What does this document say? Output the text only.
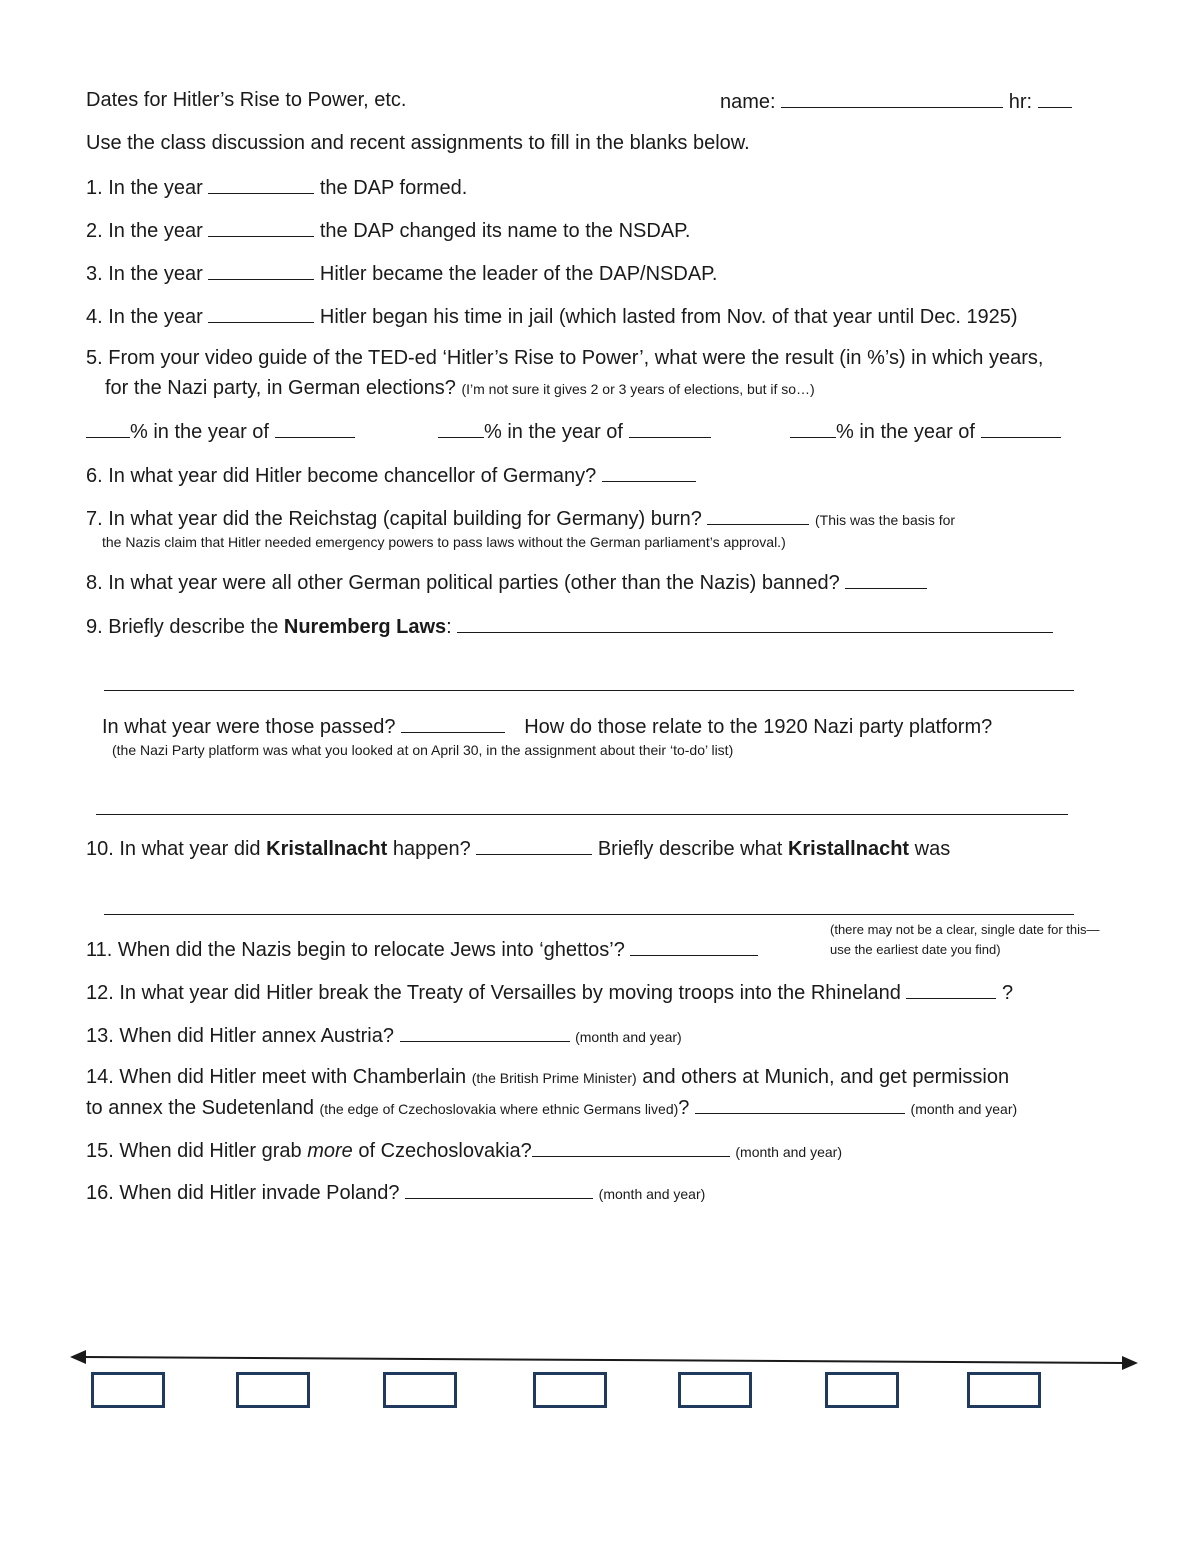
Dates for Hitler’s Rise to Power, etc.	name:	hr:
Use the class discussion and recent assignments to fill in the blanks below.
1. In the year	the DAP formed.
2. In the year	the DAP changed its name to the NSDAP.
3. In the year	Hitler became the leader of the DAP/NSDAP.
4. In the year	Hitler began his time in jail (which lasted from Nov. of that year until Dec. 1925)
5. From your video guide of the TED-ed ‘Hitler’s Rise to Power’, what were the result (in %’s) in which years,
for the Nazi party, in German elections? (I’m not sure it gives 2 or 3 years of elections, but if so…)
% in the year of	% in the year of	% in the year of
6. In what year did Hitler become chancellor of Germany?
7. In what year did the Reichstag (capital building for Germany) burn?	(This was the basis for
the Nazis claim that Hitler needed emergency powers to pass laws without the German parliament’s approval.)
8. In what year were all other German political parties (other than the Nazis) banned?
9. Briefly describe the Nuremberg Laws:
In what year were those passed?	How do those relate to the 1920 Nazi party platform?
(the Nazi Party platform was what you looked at on April 30, in the assignment about their ‘to-do’ list)
10. In what year did Kristallnacht happen?	Briefly describe what Kristallnacht was
11. When did the Nazis begin to relocate Jews into ‘ghettos’?
(there may not be a clear, single date for this—
use the earliest date you find)
12. In what year did Hitler break the Treaty of Versailles by moving troops into the Rhineland	?
13. When did Hitler annex Austria?	(month and year)
14. When did Hitler meet with Chamberlain (the British Prime Minister) and others at Munich, and get permission
to annex the Sudetenland (the edge of Czechoslovakia where ethnic Germans lived)?	(month and year)
15. When did Hitler grab more of Czechoslovakia?	(month and year)
16. When did Hitler invade Poland?	(month and year)
